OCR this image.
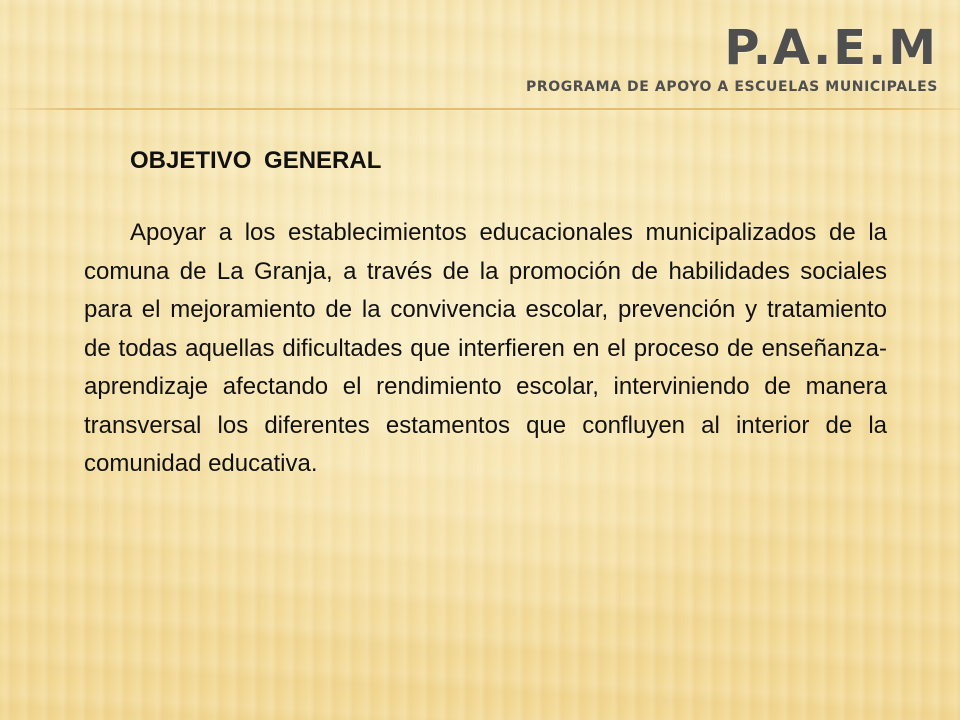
P.A.E.M
PROGRAMA DE APOYO A ESCUELAS MUNICIPALES
OBJETIVO GENERAL

Apoyar a los establecimientos educacionales municipalizados de la comuna de La Granja, a través de la promoción de habilidades sociales para el mejoramiento de la convivencia escolar, prevención y tratamiento de todas aquellas dificultades que interfieren en el proceso de enseñanza-aprendizaje afectando el rendimiento escolar, interviniendo de manera transversal los diferentes estamentos que confluyen al interior de la comunidad educativa.
